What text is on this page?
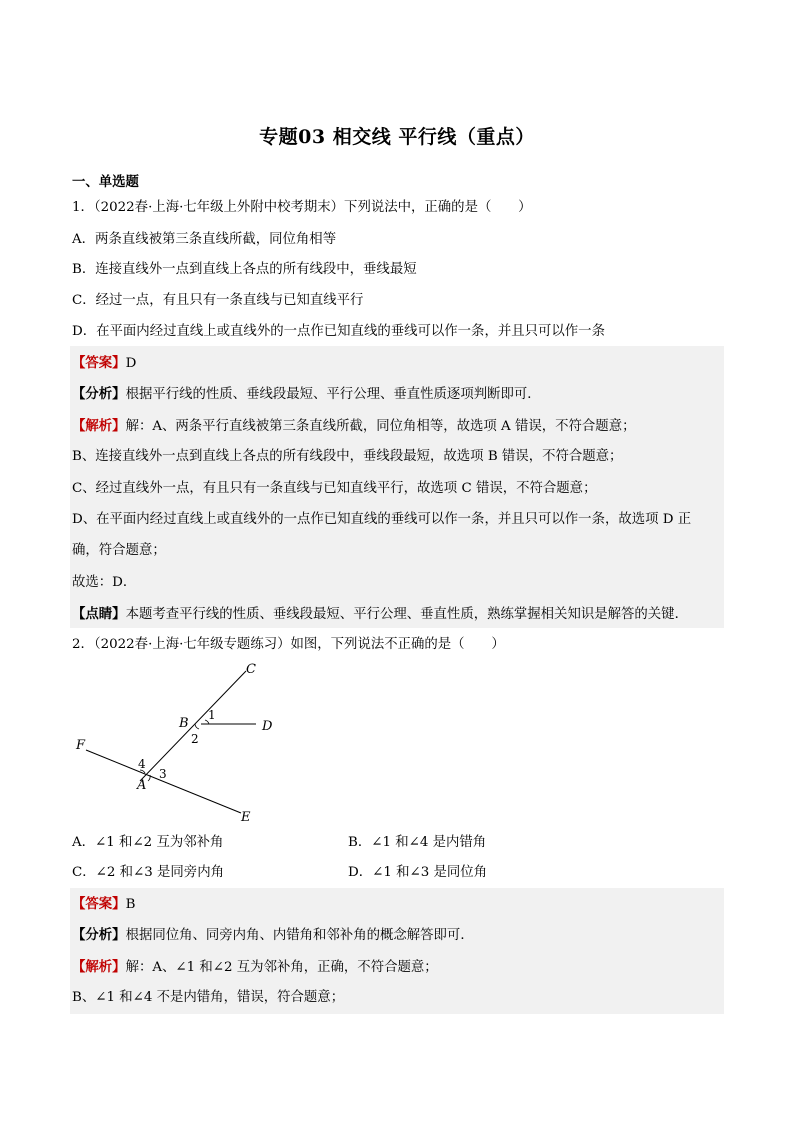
专题03 相交线 平行线（重点）
一、单选题
1．（2022春·上海·七年级上外附中校考期末）下列说法中，正确的是（　　）
A．两条直线被第三条直线所截，同位角相等
B．连接直线外一点到直线上各点的所有线段中，垂线最短
C．经过一点，有且只有一条直线与已知直线平行
D．在平面内经过直线上或直线外的一点作已知直线的垂线可以作一条，并且只可以作一条
【答案】D
【分析】根据平行线的性质、垂线段最短、平行公理、垂直性质逐项判断即可．
【解析】解：A、两条平行直线被第三条直线所截，同位角相等，故选项 A 错误，不符合题意；
B、连接直线外一点到直线上各点的所有线段中，垂线段最短，故选项 B 错误，不符合题意；
C、经过直线外一点，有且只有一条直线与已知直线平行，故选项 C 错误，不符合题意；
D、在平面内经过直线上或直线外的一点作已知直线的垂线可以作一条，并且只可以作一条，故选项 D 正
确，符合题意；
故选：D．
【点睛】本题考查平行线的性质、垂线段最短、平行公理、垂直性质，熟练掌握相关知识是解答的关键．
2．（2022春·上海·七年级专题练习）如图，下列说法不正确的是（　　）
C
B	D
F
A
E
1
2
3
4
A．∠1 和∠2 互为邻补角	B．∠1 和∠4 是内错角
C．∠2 和∠3 是同旁内角	D．∠1 和∠3 是同位角
【答案】B
【分析】根据同位角、同旁内角、内错角和邻补角的概念解答即可．
【解析】解：A、∠1 和∠2 互为邻补角，正确，不符合题意；
B、∠1 和∠4 不是内错角，错误，符合题意；
